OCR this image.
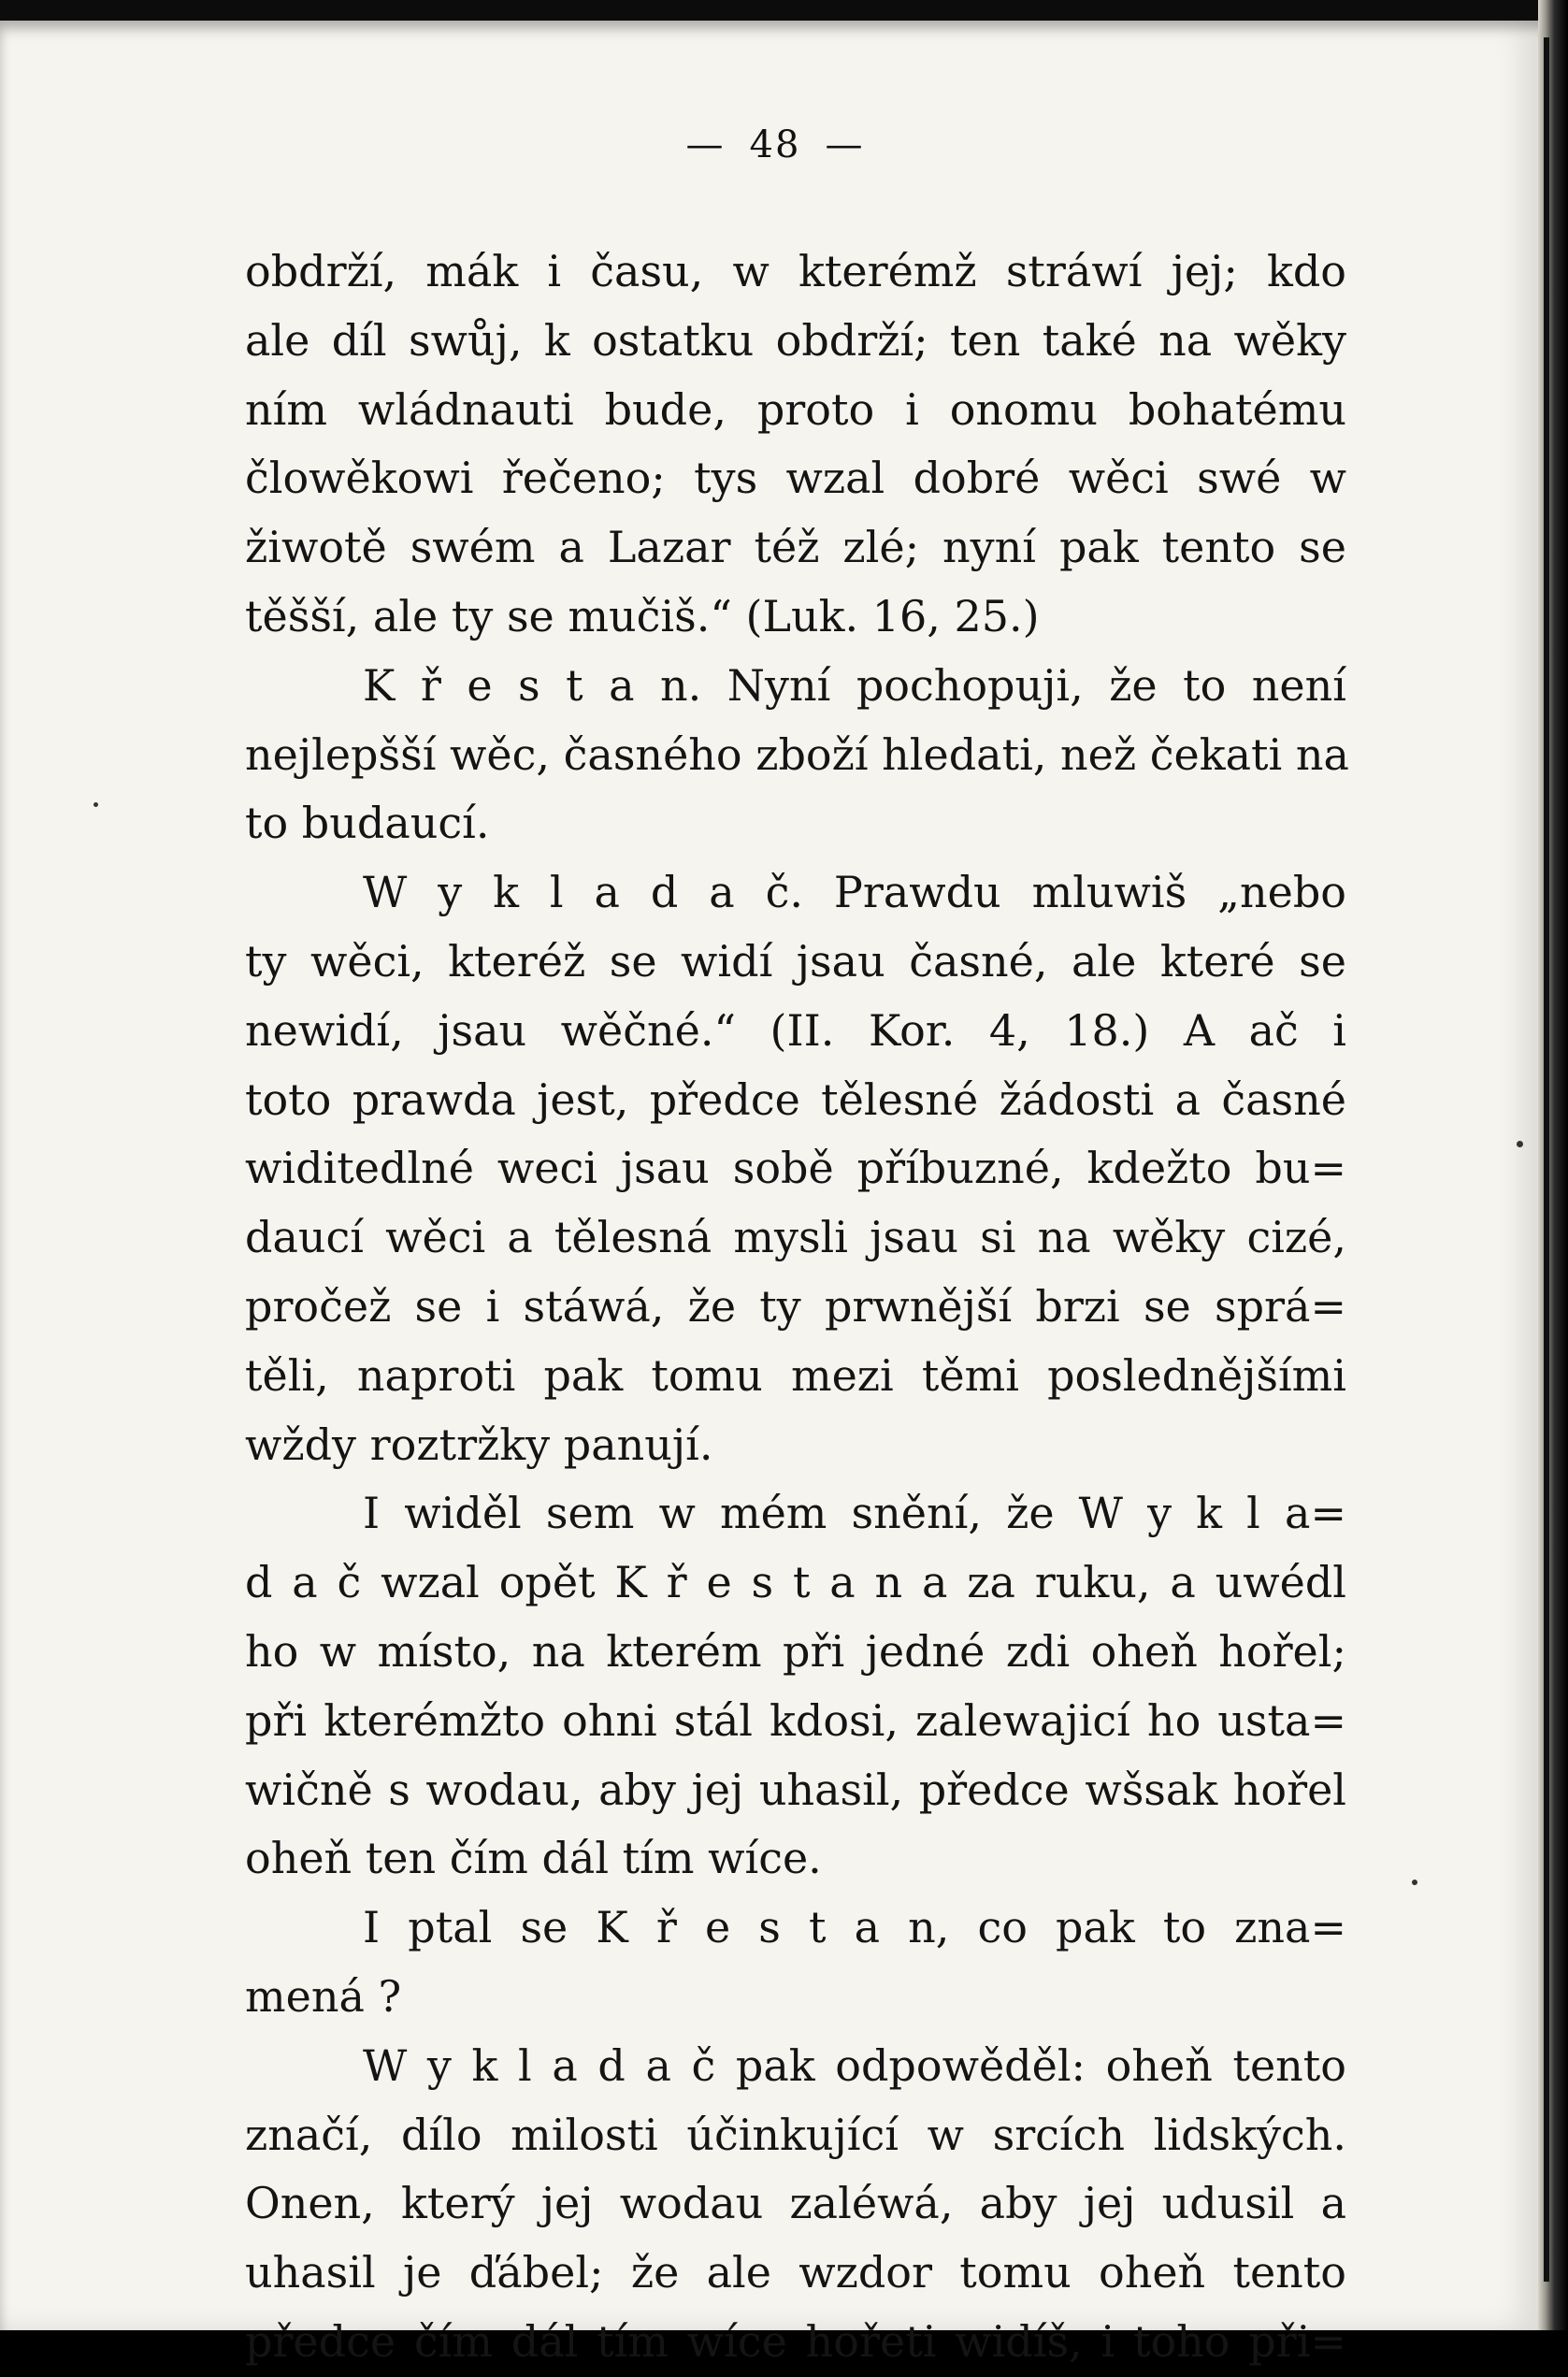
— 48 —
obdrží, mák i času, w kterémž stráwí jej; kdo
ale díl swůj, k ostatku obdrží; ten také na wěky
ním wládnauti bude, proto i onomu bohatému
člowěkowi řečeno; tys wzal dobré wěci swé w
žiwotě swém a Lazar též zlé; nyní pak tento se
těšší, ale ty se mučiš.“ (Luk. 16, 25.)
K ř e s t a n. Nyní pochopuji, že to není
nejlepšší wěc, časného zboží hledati, než čekati na
to budaucí.
W y k l a d a č. Prawdu mluwiš „nebo
ty wěci, kteréž se widí jsau časné, ale které se
newidí, jsau wěčné.“ (II. Kor. 4, 18.) A ač i
toto prawda jest, předce tělesné žádosti a časné
widitedlné weci jsau sobě příbuzné, kdežto bu=
daucí wěci a tělesná mysli jsau si na wěky cizé,
pročež se i stáwá, že ty prwnější brzi se sprá=
těli, naproti pak tomu mezi těmi poslednějšími
wždy roztržky panují.
I widěl sem w mém snění, že W y k l a=
d a č wzal opět K ř e s t a n a za ruku, a uwédl
ho w místo, na kterém při jedné zdi oheň hořel;
při kterémžto ohni stál kdosi, zalewajicí ho usta=
wičně s wodau, aby jej uhasil, předce wšsak hořel
oheň ten čím dál tím wíce.
I ptal se K ř e s t a n, co pak to zna=
mená ?
W y k l a d a č pak odpowěděl: oheň tento
značí, dílo milosti účinkující w srcích lidských.
Onen, který jej wodau zaléwá, aby jej udusil a
uhasil je ďábel; že ale wzdor tomu oheň tento
předce čím dál tím wíce hořeti widíš, i toho při=
